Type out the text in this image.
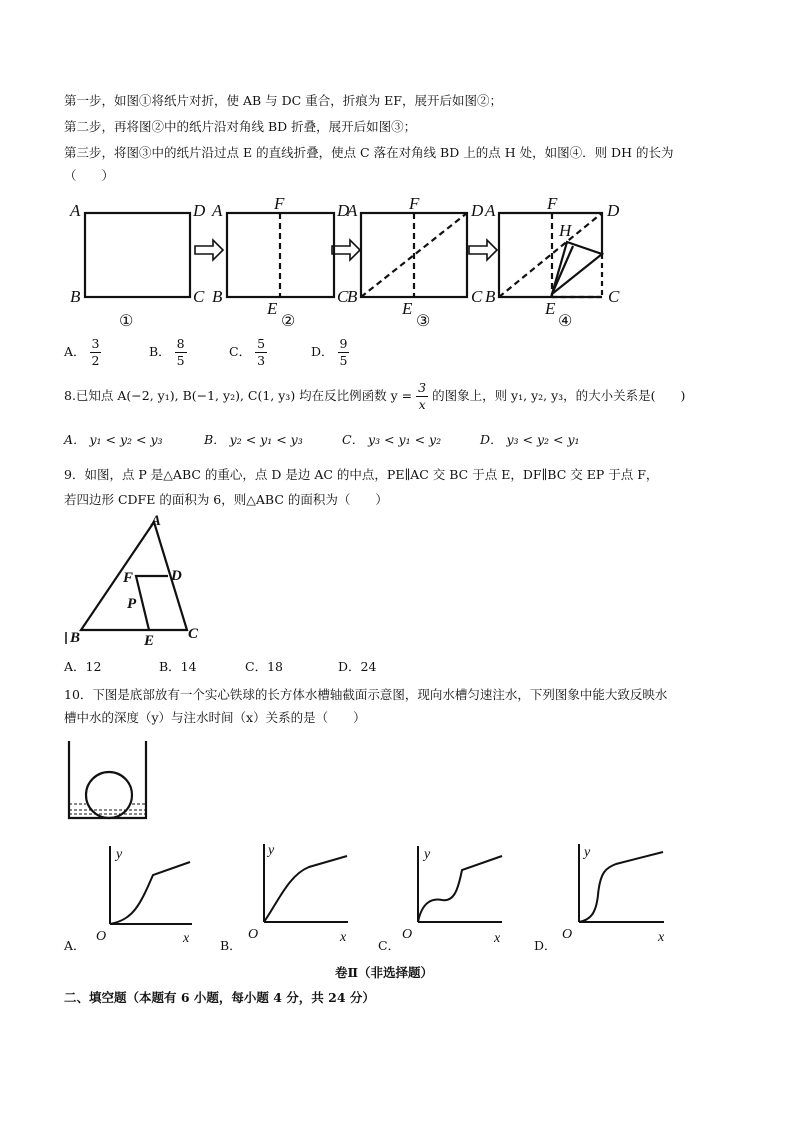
第一步，如图①将纸片对折，使 AB 与 DC 重合，折痕为 EF，展开后如图②；
第二步，再将图②中的纸片沿对角线 BD 折叠，展开后如图③；
第三步，将图③中的纸片沿过点 E 的直线折叠，使点 C 落在对角线 BD 上的点 H 处，如图④．则 DH 的长为
（　　）
A	D
B	C
A	F	D
B
E
C
A	F	D
B
E
C
A	F	D
H
B
E
C
①	②	③	④
A． $\frac{3}{2}$	B． $\frac{8}{5}$	C． $\frac{5}{3}$	D． $\frac{9}{5}$
8.已知点 A(−2, y₁), B(−1, y₂), C(1, y₃) 均在反比例函数 $y = \frac{3}{x}$ 的图象上，则 y₁, y₂, y₃，的大小关系是(　　)
A． y₁ < y₂ < y₃	B． y₂ < y₁ < y₃	C． y₃ < y₁ < y₂	D． y₃ < y₂ < y₁
9．如图，点 P 是△ABC 的重心，点 D 是边 AC 的中点，PE∥AC 交 BC 于点 E，DF∥BC 交 EP 于点 F，
若四边形 CDFE 的面积为 6，则△ABC 的面积为（　　）
A
F	D
P
B	E C
A．12	B．14	C．18	D．24
10．下图是底部放有一个实心铁球的长方体水槽轴截面示意图，现向水槽匀速注水，下列图象中能大致反映水
槽中水的深度（y）与注水时间（x）关系的是（　　）
A．
y
O	x B．
y
O	x
C．
y
O	x	D．
y
O	x
卷Ⅱ（非选择题）
二、填空题（本题有 6 小题，每小题 4 分，共 24 分）
